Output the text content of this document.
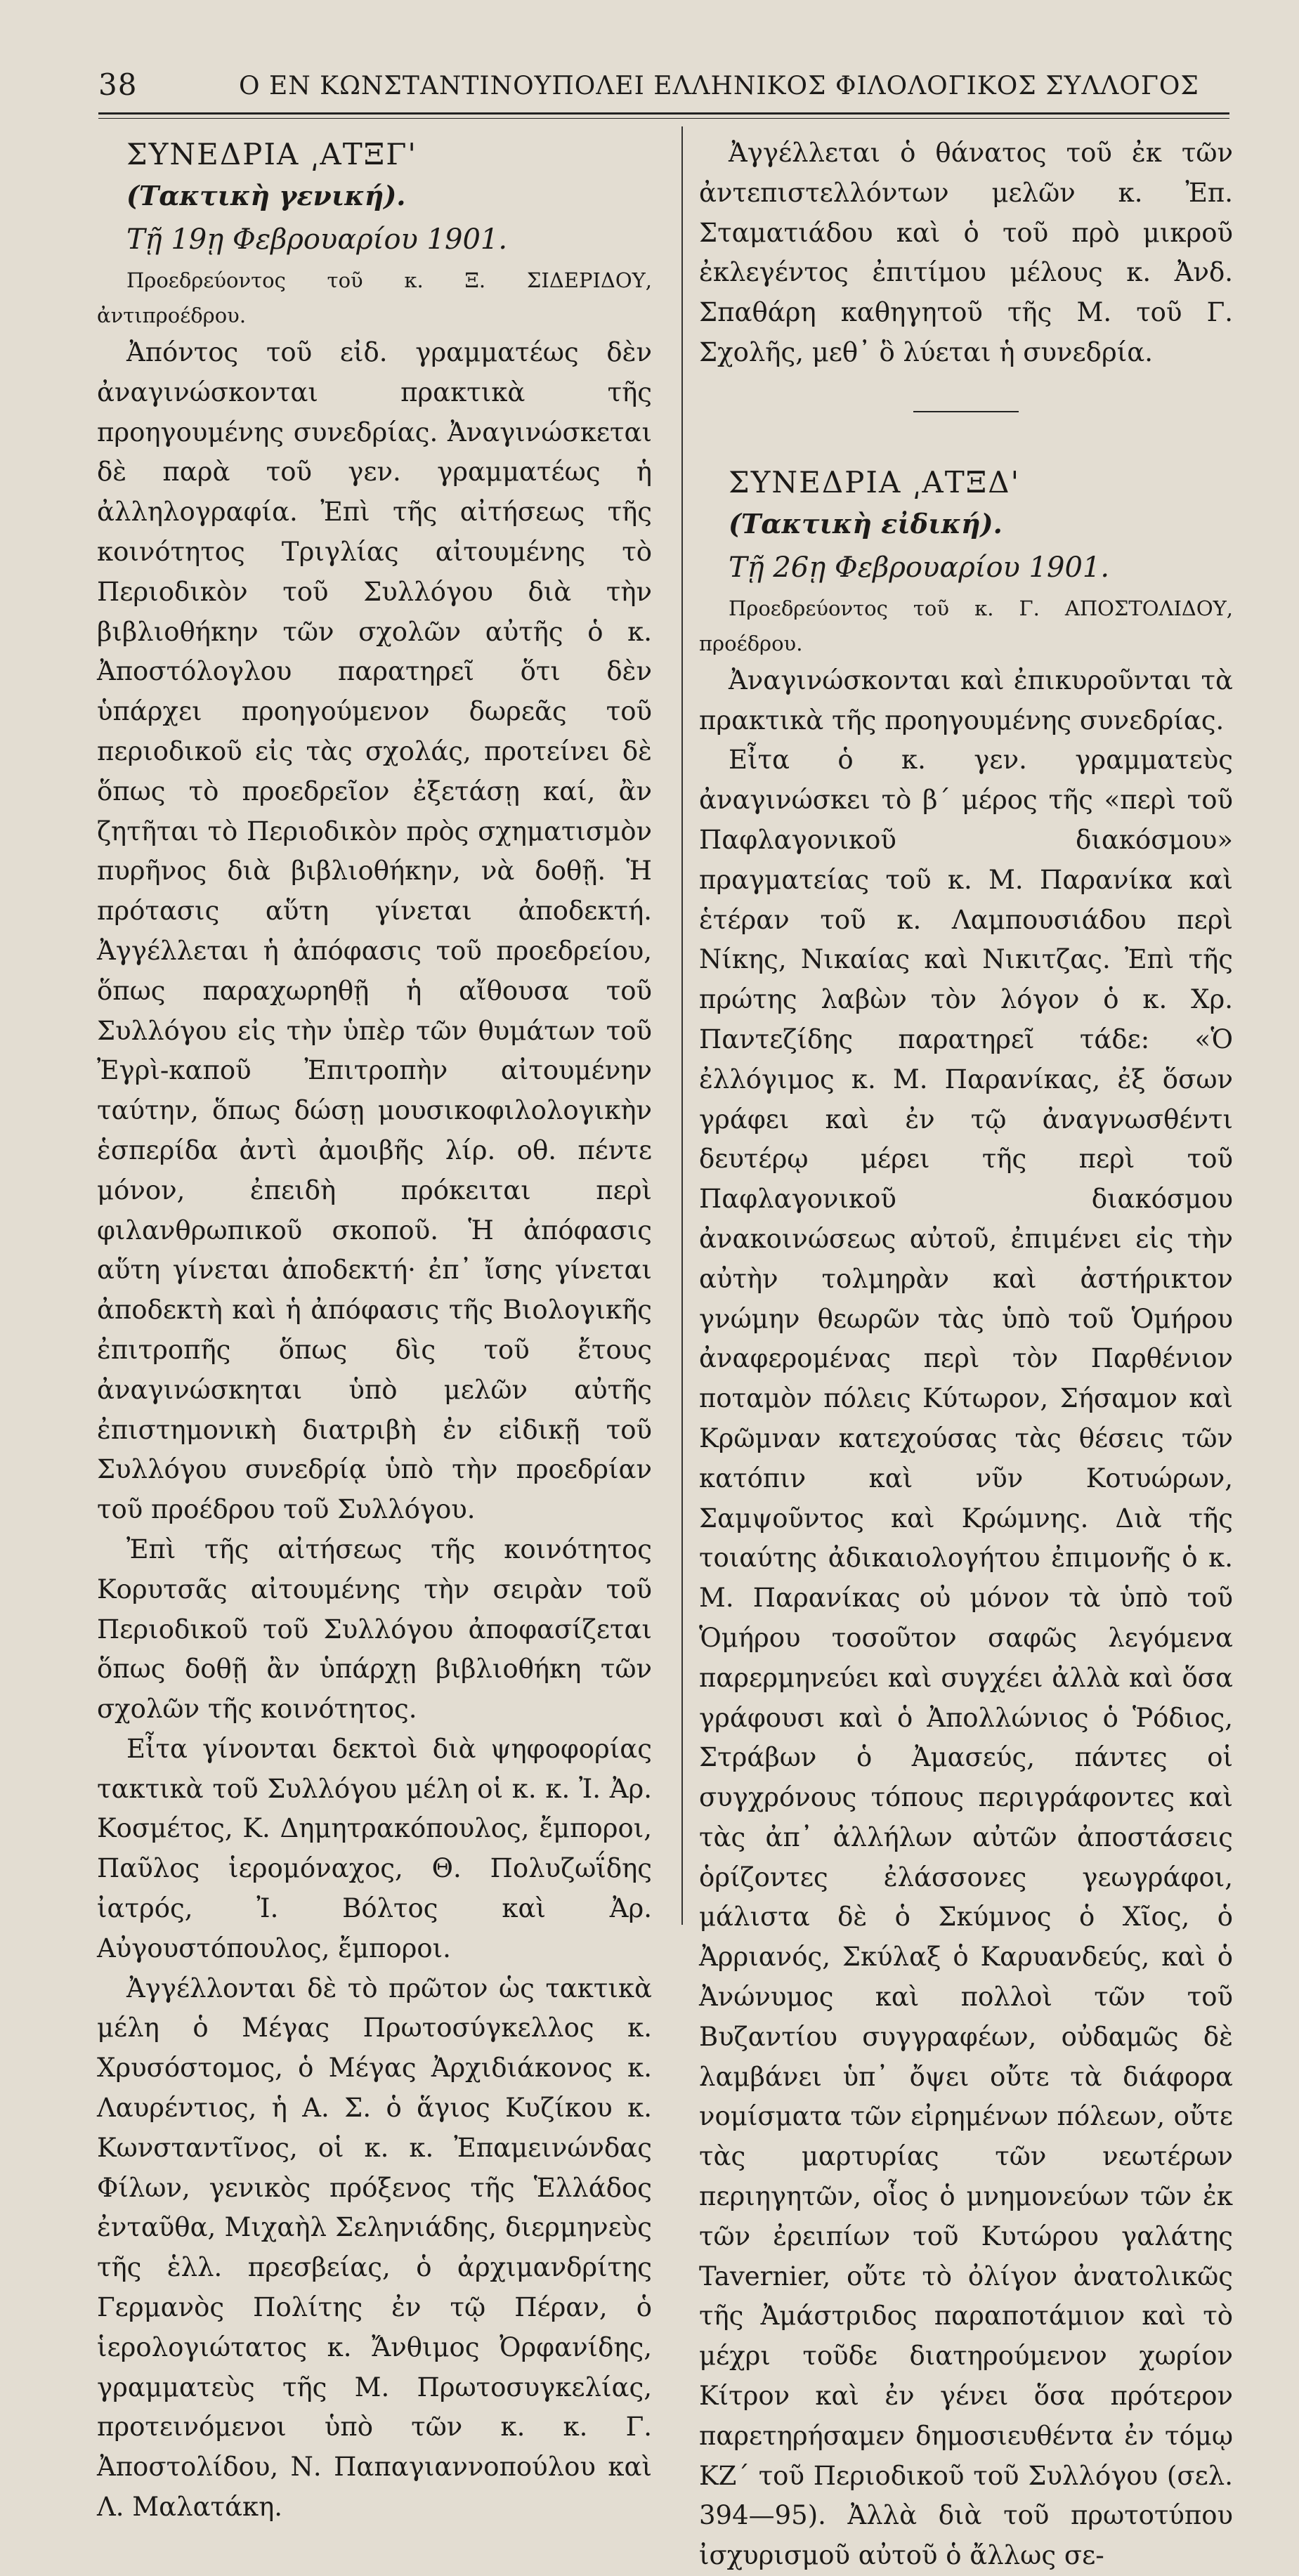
38	Ο ΕΝ ΚΩΝΣΤΑΝΤΙΝΟΥΠΟΛΕΙ ΕΛΛΗΝΙΚΟΣ ΦΙΛΟΛΟΓΙΚΟΣ ΣΥΛΛΟΓΟΣ

ΣΥΝΕΔΡΙΑ ͵ΑΤΞΓ'

(Τακτικὴ γενική).

Τῇ 19ῃ Φεβρουαρίου 1901.

Προεδρεύοντος τοῦ κ. Ξ. ΣΙΔΕΡΙΔΟΥ, ἀντιπροέδρου.

Ἀπόντος τοῦ εἰδ. γραμματέως δὲν ἀναγινώσκονται πρακτικὰ τῆς προηγουμένης συνεδρίας. Ἀναγινώσκεται δὲ παρὰ τοῦ γεν. γραμματέως ἡ ἀλληλογραφία. Ἐπὶ τῆς αἰτήσεως τῆς κοινότητος Τριγλίας αἰτουμένης τὸ Περιοδικὸν τοῦ Συλλόγου διὰ τὴν βιβλιοθήκην τῶν σχολῶν αὐτῆς ὁ κ. Ἀποστόλογλου παρατηρεῖ ὅτι δὲν ὑπάρχει προηγούμενον δωρεᾶς τοῦ περιοδικοῦ εἰς τὰς σχολάς, προτείνει δὲ ὅπως τὸ προεδρεῖον ἐξετάσῃ καί, ἂν ζητῆται τὸ Περιοδικὸν πρὸς σχηματισμὸν πυρῆνος διὰ βιβλιοθήκην, νὰ δοθῇ. Ἡ πρότασις αὕτη γίνεται ἀποδεκτή. Ἀγγέλλεται ἡ ἀπόφασις τοῦ προεδρείου, ὅπως παραχωρηθῇ ἡ αἴθουσα τοῦ Συλλόγου εἰς τὴν ὑπὲρ τῶν θυμάτων τοῦ Ἐγρὶ-καποῦ Ἐπιτροπὴν αἰτουμένην ταύτην, ὅπως δώσῃ μουσικοφιλολογικὴν ἑσπερίδα ἀντὶ ἀμοιβῆς λίρ. οθ. πέντε μόνον, ἐπειδὴ πρόκειται περὶ φιλανθρωπικοῦ σκοποῦ. Ἡ ἀπόφασις αὕτη γίνεται ἀποδεκτή· ἐπ᾽ ἴσης γίνεται ἀποδεκτὴ καὶ ἡ ἀπόφασις τῆς Βιολογικῆς ἐπιτροπῆς ὅπως δὶς τοῦ ἔτους ἀναγινώσκηται ὑπὸ μελῶν αὐτῆς ἐπιστημονικὴ διατριβὴ ἐν εἰδικῇ τοῦ Συλλόγου συνεδρίᾳ ὑπὸ τὴν προεδρίαν τοῦ προέδρου τοῦ Συλλόγου.

Ἐπὶ τῆς αἰτήσεως τῆς κοινότητος Κορυτσᾶς αἰτουμένης τὴν σειρὰν τοῦ Περιοδικοῦ τοῦ Συλλόγου ἀποφασίζεται ὅπως δοθῇ ἂν ὑπάρχῃ βιβλιοθήκη τῶν σχολῶν τῆς κοινότητος.

Εἶτα γίνονται δεκτοὶ διὰ ψηφοφορίας τακτικὰ τοῦ Συλλόγου μέλη οἱ κ. κ. Ἰ. Ἀρ. Κοσμέτος, Κ. Δημητρακόπουλος, ἔμποροι, Παῦλος ἱερομόναχος, Θ. Πολυζωΐδης ἰατρός, Ἰ. Βόλτος καὶ Ἀρ. Αὐγουστόπουλος, ἔμποροι.

Ἀγγέλλονται δὲ τὸ πρῶτον ὡς τακτικὰ μέλη ὁ Μέγας Πρωτοσύγκελλος κ. Χρυσόστομος, ὁ Μέγας Ἀρχιδιάκονος κ. Λαυρέντιος, ἡ Α. Σ. ὁ ἅγιος Κυζίκου κ. Κωνσταντῖνος, οἱ κ. κ. Ἐπαμεινώνδας Φίλων, γενικὸς πρόξενος τῆς Ἑλλάδος ἐνταῦθα, Μιχαὴλ Σεληνιάδης, διερμηνεὺς τῆς ἑλλ. πρεσβείας, ὁ ἀρχιμανδρίτης Γερμανὸς Πολίτης ἐν τῷ Πέραν, ὁ ἱερολογιώτατος κ. Ἄνθιμος Ὀρφανίδης, γραμματεὺς τῆς Μ. Πρωτοσυγκελίας, προτεινόμενοι ὑπὸ τῶν κ. κ. Γ. Ἀποστολίδου, Ν. Παπαγιαννοπούλου καὶ Λ. Μαλατάκη.

Ἀγγέλλεται ὁ θάνατος τοῦ ἐκ τῶν ἀντεπιστελλόντων μελῶν κ. Ἐπ. Σταματιάδου καὶ ὁ τοῦ πρὸ μικροῦ ἐκλεγέντος ἐπιτίμου μέλους κ. Ἀνδ. Σπαθάρη καθηγητοῦ τῆς Μ. τοῦ Γ. Σχολῆς, μεθ᾽ ὃ λύεται ἡ συνεδρία.

ΣΥΝΕΔΡΙΑ ͵ΑΤΞΔ'

(Τακτικὴ εἰδική).

Τῇ 26ῃ Φεβρουαρίου 1901.

Προεδρεύοντος τοῦ κ. Γ. ΑΠΟΣΤΟΛΙΔΟΥ, προέδρου.

Ἀναγινώσκονται καὶ ἐπικυροῦνται τὰ πρακτικὰ τῆς προηγουμένης συνεδρίας.

Εἶτα ὁ κ. γεν. γραμματεὺς ἀναγινώσκει τὸ β´ μέρος τῆς «περὶ τοῦ Παφλαγονικοῦ διακόσμου» πραγματείας τοῦ κ. Μ. Παρανίκα καὶ ἑτέραν τοῦ κ. Λαμπουσιάδου περὶ Νίκης, Νικαίας καὶ Νικιτζας. Ἐπὶ τῆς πρώτης λαβὼν τὸν λόγον ὁ κ. Χρ. Παντεζίδης παρατηρεῖ τάδε: «Ὁ ἐλλόγιμος κ. Μ. Παρανίκας, ἐξ ὅσων γράφει καὶ ἐν τῷ ἀναγνωσθέντι δευτέρῳ μέρει τῆς περὶ τοῦ Παφλαγονικοῦ διακόσμου ἀνακοινώσεως αὐτοῦ, ἐπιμένει εἰς τὴν αὐτὴν τολμηρὰν καὶ ἀστήρικτον γνώμην θεωρῶν τὰς ὑπὸ τοῦ Ὁμήρου ἀναφερομένας περὶ τὸν Παρθένιον ποταμὸν πόλεις Κύτωρον, Σήσαμον καὶ Κρῶμναν κατεχούσας τὰς θέσεις τῶν κατόπιν καὶ νῦν Κοτυώρων, Σαμψοῦντος καὶ Κρώμνης. Διὰ τῆς τοιαύτης ἀδικαιολογήτου ἐπιμονῆς ὁ κ. Μ. Παρανίκας οὐ μόνον τὰ ὑπὸ τοῦ Ὁμήρου τοσοῦτον σαφῶς λεγόμενα παρερμηνεύει καὶ συγχέει ἀλλὰ καὶ ὅσα γράφουσι καὶ ὁ Ἀπολλώνιος ὁ Ῥόδιος, Στράβων ὁ Ἀμασεύς, πάντες οἱ συγχρόνους τόπους περιγράφοντες καὶ τὰς ἀπ᾽ ἀλλήλων αὐτῶν ἀποστάσεις ὁρίζοντες ἐλάσσονες γεωγράφοι, μάλιστα δὲ ὁ Σκύμνος ὁ Χῖος, ὁ Ἀρριανός, Σκύλαξ ὁ Καρυανδεύς, καὶ ὁ Ἀνώνυμος καὶ πολλοὶ τῶν τοῦ Βυζαντίου συγγραφέων, οὐδαμῶς δὲ λαμβάνει ὑπ᾽ ὄψει οὔτε τὰ διάφορα νομίσματα τῶν εἰρημένων πόλεων, οὔτε τὰς μαρτυρίας τῶν νεωτέρων περιηγητῶν, οἷος ὁ μνημονεύων τῶν ἐκ τῶν ἐρειπίων τοῦ Κυτώρου γαλάτης Tavernier, οὔτε τὸ ὀλίγον ἀνατολικῶς τῆς Ἀμάστριδος παραποτάμιον καὶ τὸ μέχρι τοῦδε διατηρούμενον χωρίον Κίτρον καὶ ἐν γένει ὅσα πρότερον παρετηρήσαμεν δημοσιευθέντα ἐν τόμῳ ΚΖ´ τοῦ Περιοδικοῦ τοῦ Συλλόγου (σελ. 394—95). Ἀλλὰ διὰ τοῦ πρωτοτύπου ἰσχυρισμοῦ αὐτοῦ ὁ ἄλλως σε-
